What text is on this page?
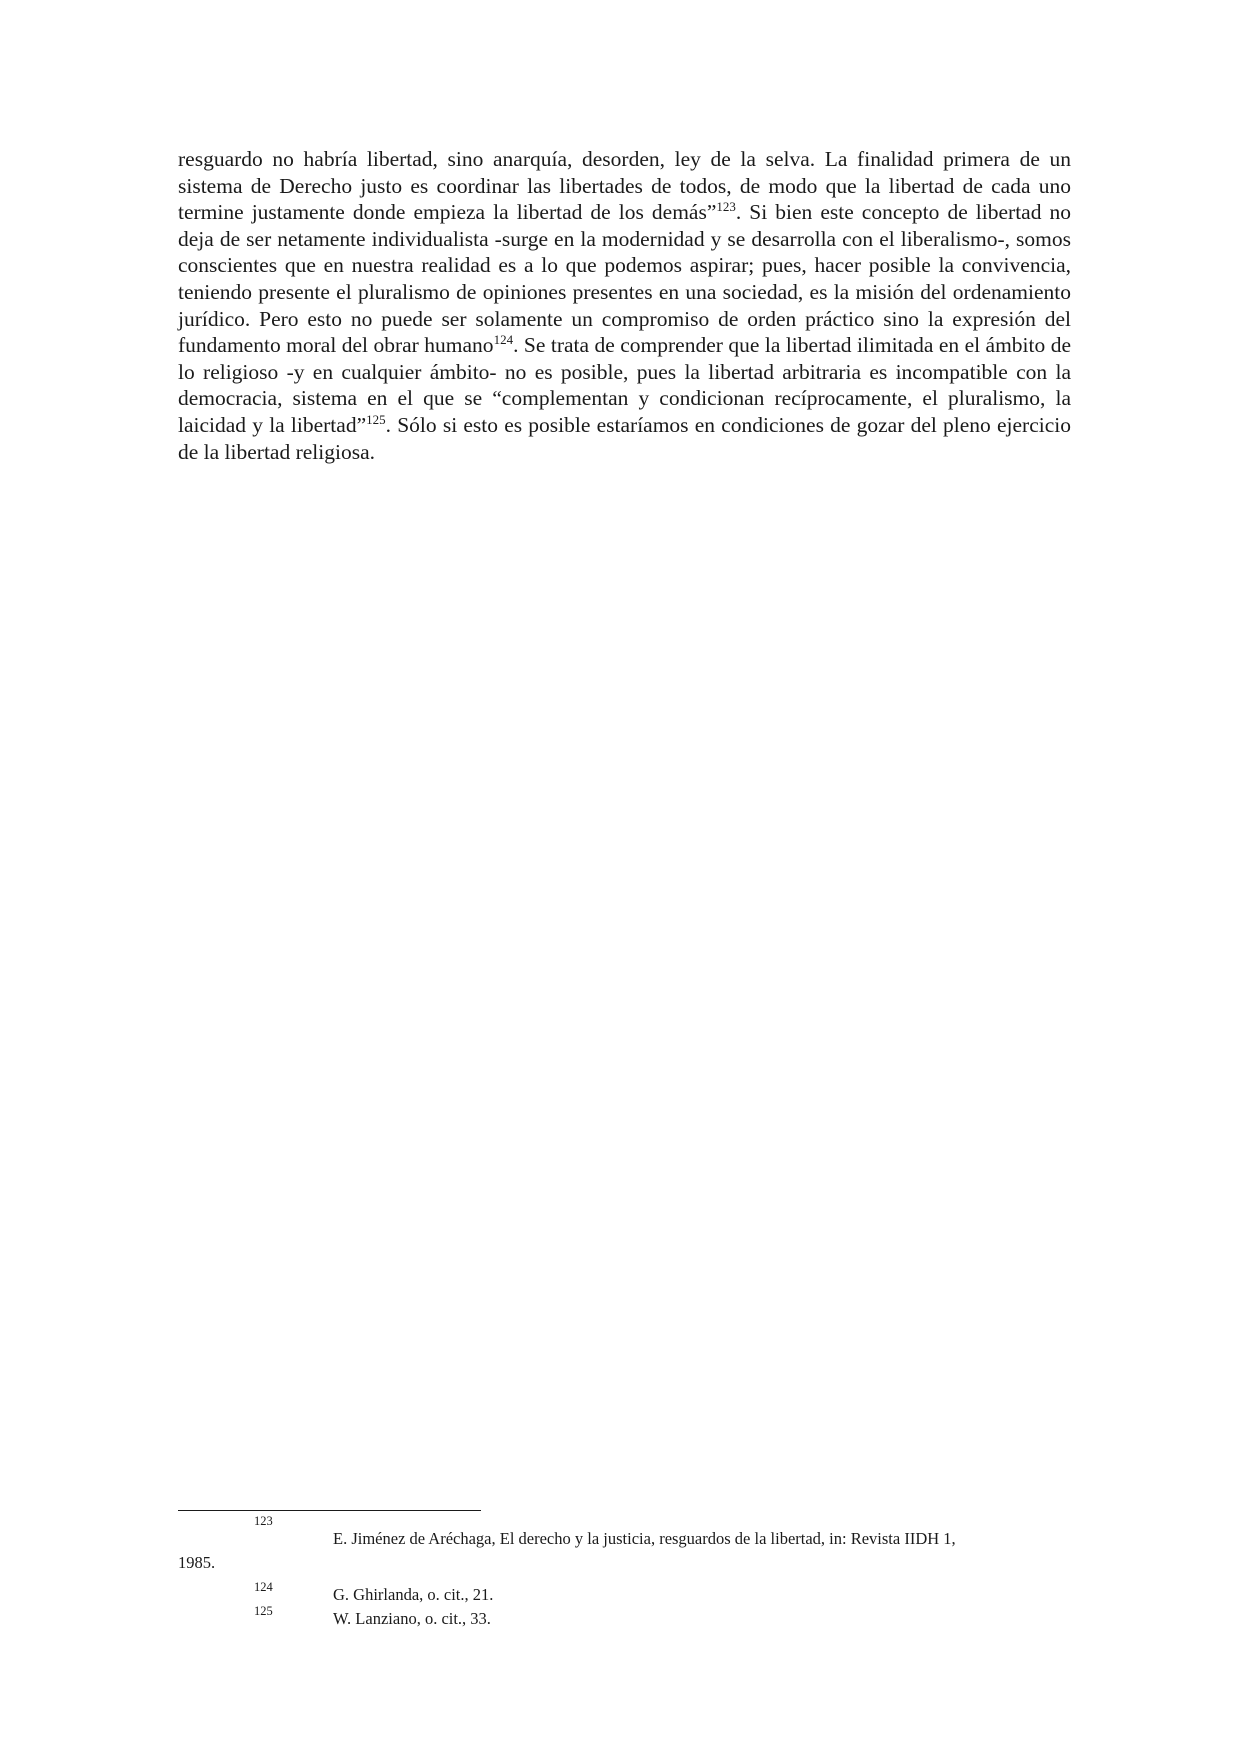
resguardo no habría libertad, sino anarquía, desorden, ley de la selva. La finalidad primera de un sistema de Derecho justo es coordinar las libertades de todos, de modo que la libertad de cada uno termine justamente donde empieza la libertad de los demás”$^{123}$. Si bien este concepto de libertad no deja de ser netamente individualista -surge en la modernidad y se desarrolla con el liberalismo-, somos conscientes que en nuestra realidad es a lo que podemos aspirar; pues, hacer posible la convivencia, teniendo presente el pluralismo de opiniones presentes en una sociedad, es la misión del ordenamiento jurídico. Pero esto no puede ser solamente un compromiso de orden práctico sino la expresión del fundamento moral del obrar humano$^{124}$. Se trata de comprender que la libertad ilimitada en el ámbito de lo religioso -y en cualquier ámbito- no es posible, pues la libertad arbitraria es incompatible con la democracia, sistema en el que se “complementan y condicionan recíprocamente, el pluralismo, la laicidad y la libertad”$^{125}$. Sólo si esto es posible estaríamos en condiciones de gozar del pleno ejercicio de la libertad religiosa.

123
E. Jiménez de Aréchaga, El derecho y la justicia, resguardos de la libertad, in: Revista IIDH 1,
1985.
124	G. Ghirlanda, o. cit., 21.
125	W. Lanziano, o. cit., 33.
